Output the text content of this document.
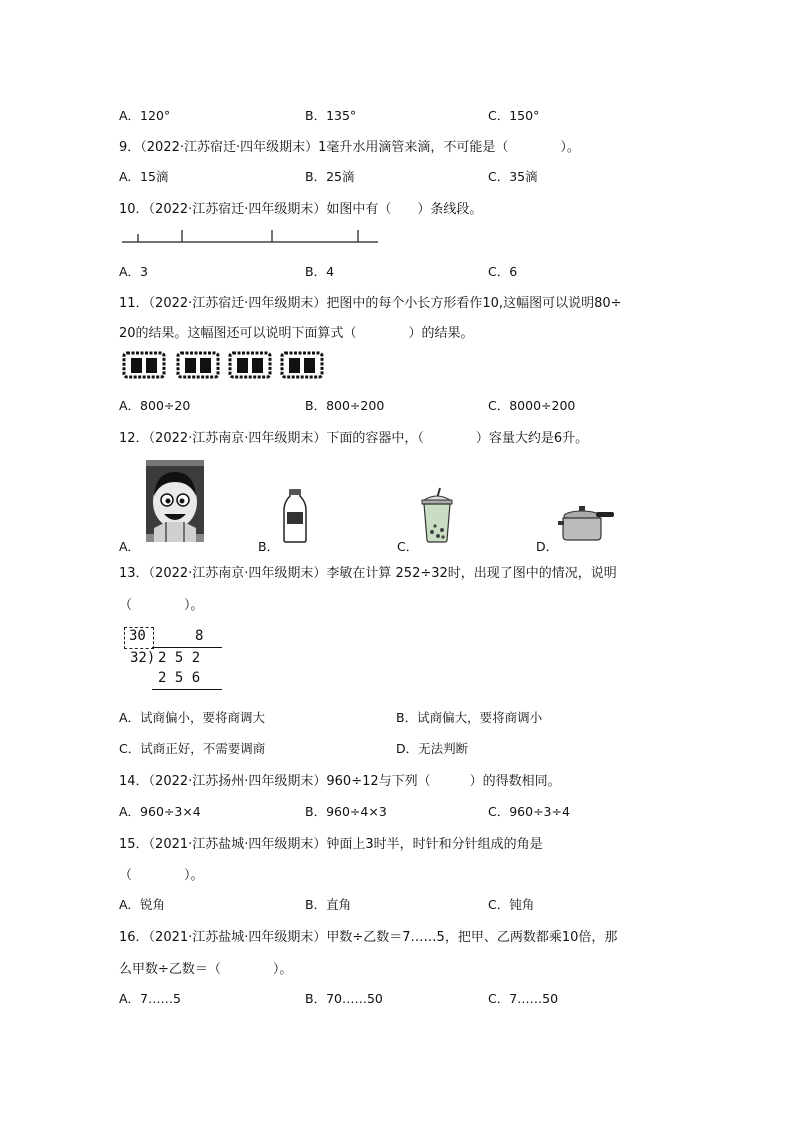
A．120°	B．135°	C．150°
9．（2022·江苏宿迁·四年级期末）1毫升水用滴管来滴，不可能是（　　　　）。
A．15滴	B．25滴	C．35滴
10．（2022·江苏宿迁·四年级期末）如图中有（　　）条线段。
A．3	B．4	C．6
11．（2022·江苏宿迁·四年级期末）把图中的每个小长方形看作10,这幅图可以说明80÷
20的结果。这幅图还可以说明下面算式（　　　　）的结果。
A．800÷20	B．800÷200	C．8000÷200
12．（2022·江苏南京·四年级期末）下面的容器中，（　　　　）容量大约是6升。
A．	B．	C．	D．
13．（2022·江苏南京·四年级期末）李敏在计算 252÷32时，出现了图中的情况，说明
（　　　　）。
30	8
32) 2 5 2
2 5 6
A．试商偏小，要将商调大	B．试商偏大，要将商调小
C．试商正好，不需要调商	D．无法判断
14．（2022·江苏扬州·四年级期末）960÷12与下列（　　　）的得数相同。
A．960÷3×4	B．960÷4×3	C．960÷3÷4
15．（2021·江苏盐城·四年级期末）钟面上3时半，时针和分针组成的角是
（　　　　）。
A．锐角	B．直角	C．钝角
16．（2021·江苏盐城·四年级期末）甲数÷乙数＝7……5，把甲、乙两数都乘10倍，那
么甲数÷乙数＝（　　　　）。
A．7……5	B．70……50	C．7……50
